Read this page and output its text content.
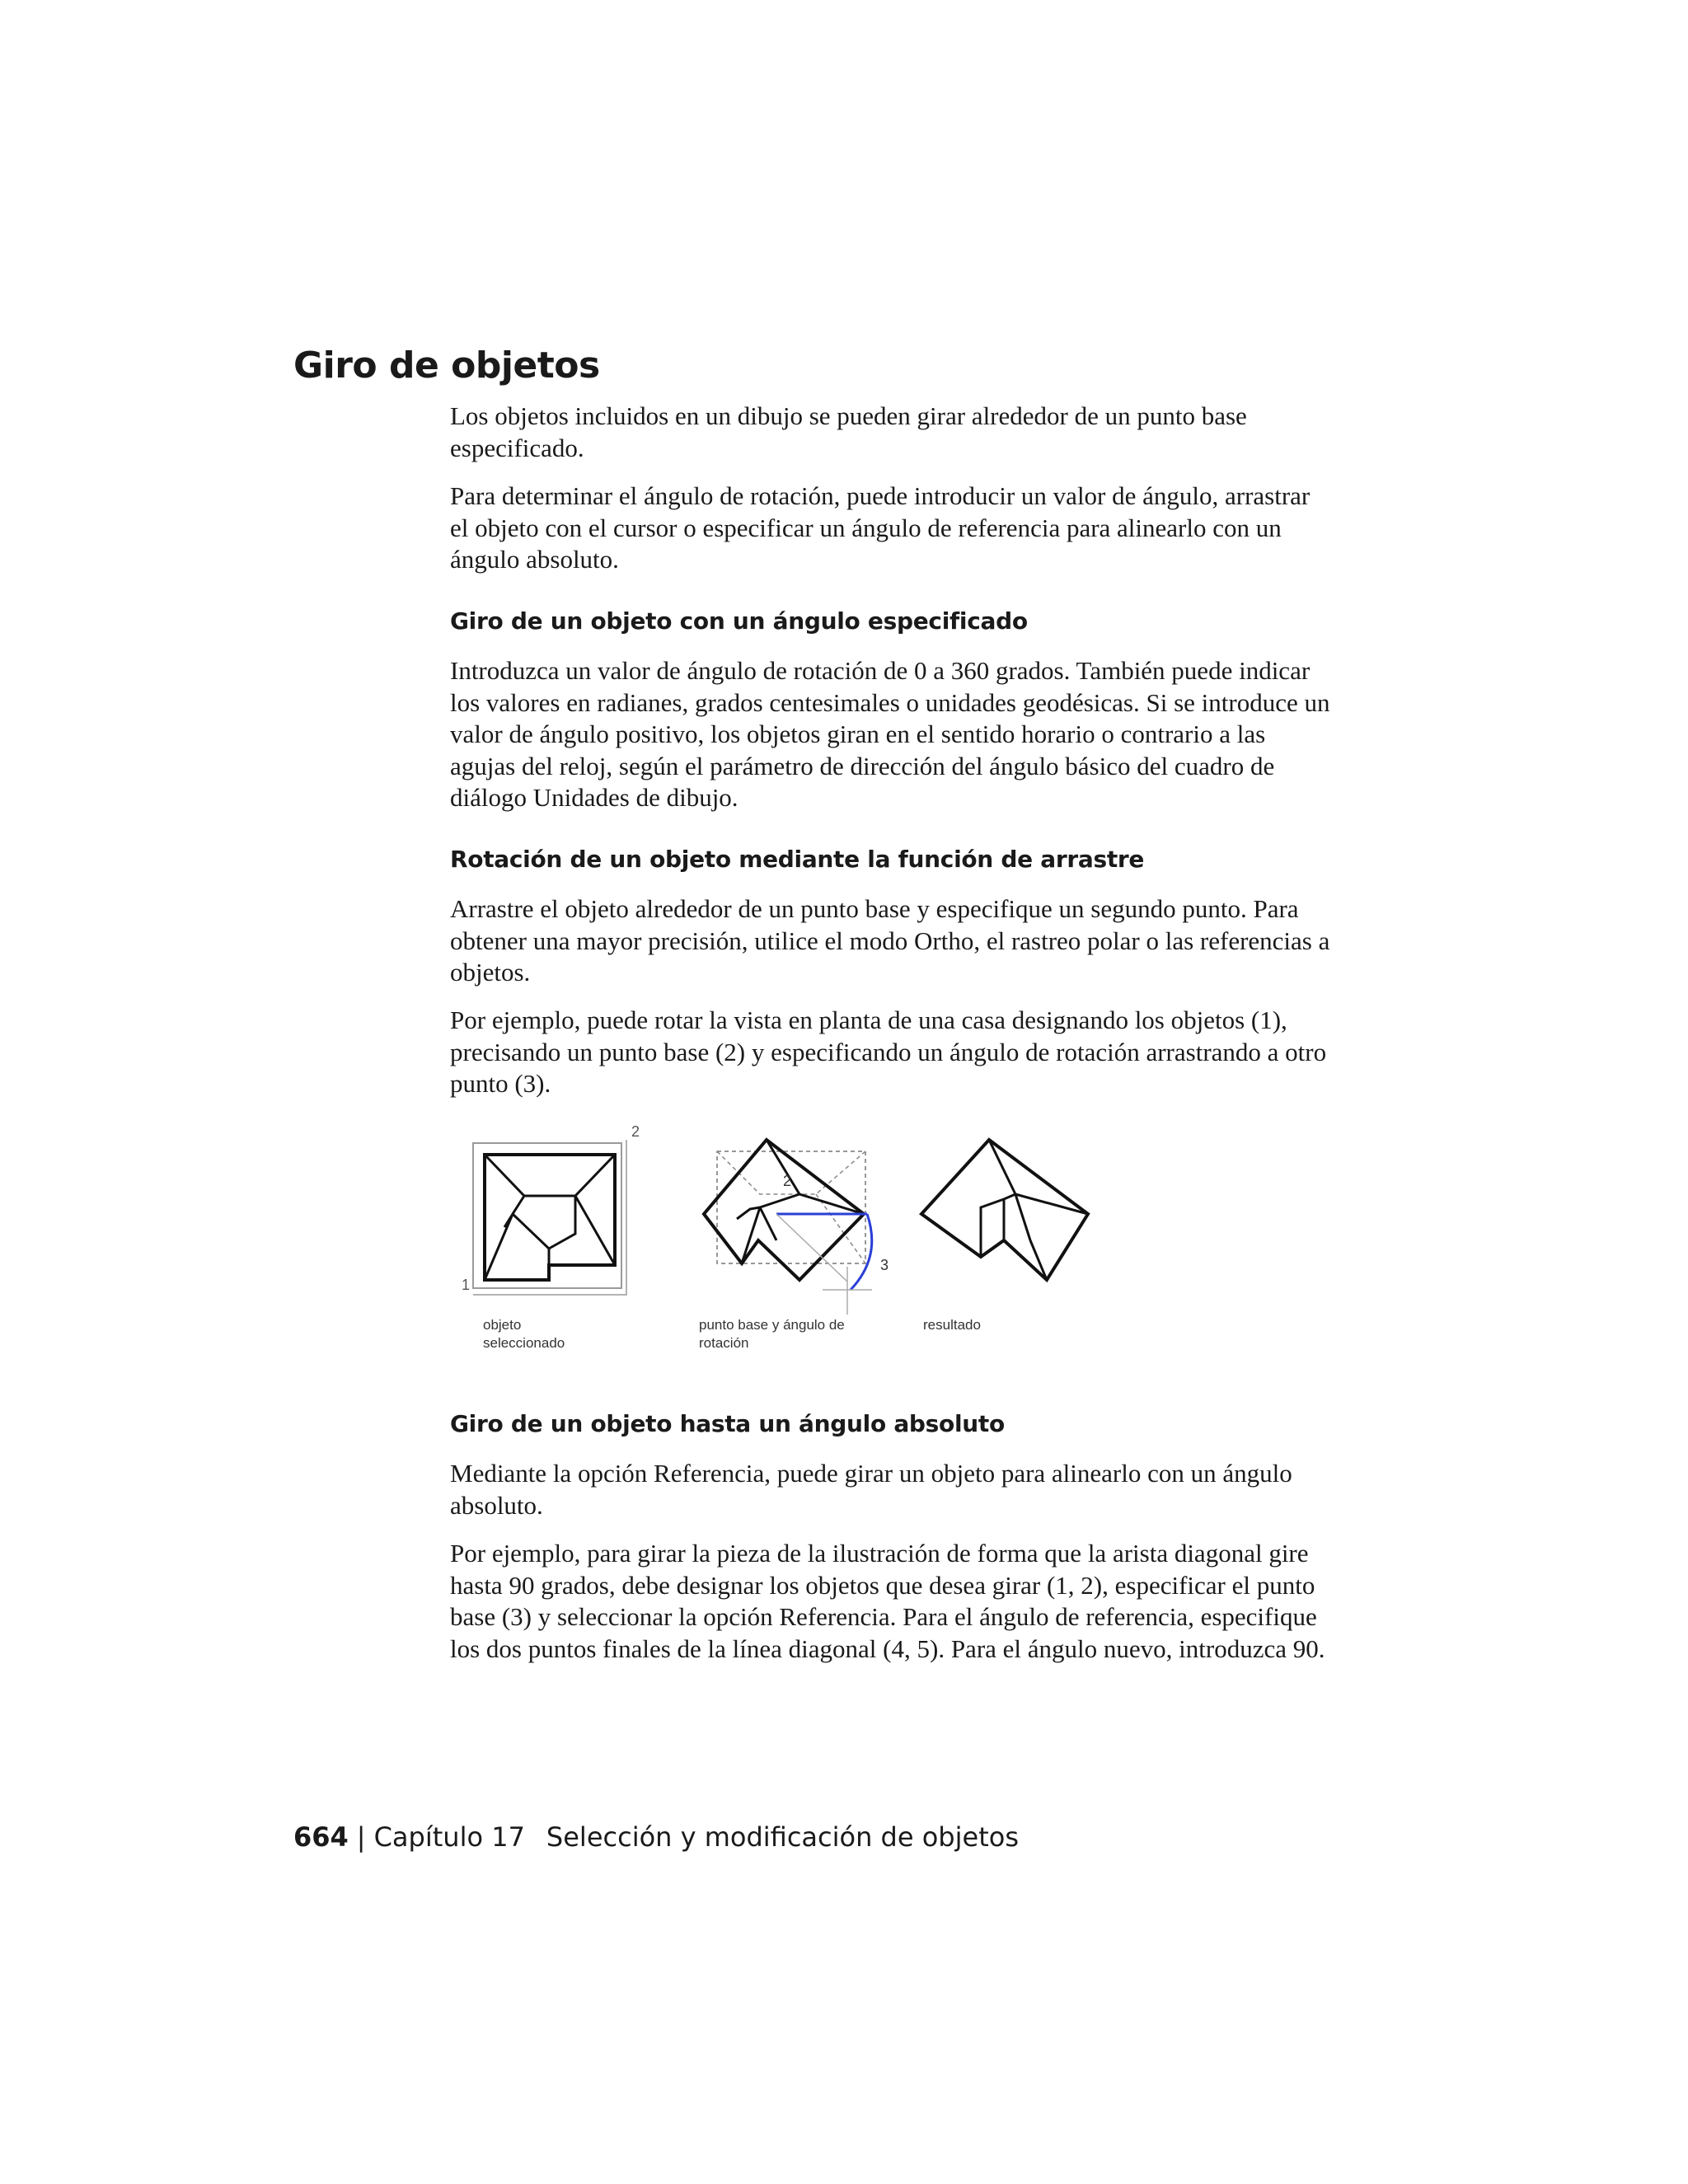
Giro de objetos

Los objetos incluidos en un dibujo se pueden girar alrededor de un punto base especificado.

Para determinar el ángulo de rotación, puede introducir un valor de ángulo, arrastrar el objeto con el cursor o especificar un ángulo de referencia para alinearlo con un ángulo absoluto.

Giro de un objeto con un ángulo especificado

Introduzca un valor de ángulo de rotación de 0 a 360 grados. También puede indicar los valores en radianes, grados centesimales o unidades geodésicas. Si se introduce un valor de ángulo positivo, los objetos giran en el sentido horario o contrario a las agujas del reloj, según el parámetro de dirección del ángulo básico del cuadro de diálogo Unidades de dibujo.

Rotación de un objeto mediante la función de arrastre

Arrastre el objeto alrededor de un punto base y especifique un segundo punto. Para obtener una mayor precisión, utilice el modo Ortho, el rastreo polar o las referencias a objetos.

Por ejemplo, puede rotar la vista en planta de una casa designando los objetos (1), precisando un punto base (2) y especificando un ángulo de rotación arrastrando a otro punto (3).

2
1
objeto
seleccionado
2
3
punto base y ángulo de
rotación
resultado
Giro de un objeto hasta un ángulo absoluto

Mediante la opción Referencia, puede girar un objeto para alinearlo con un ángulo absoluto.

Por ejemplo, para girar la pieza de la ilustración de forma que la arista diagonal gire hasta 90 grados, debe designar los objetos que desea girar (1, 2), especificar el punto base (3) y seleccionar la opción Referencia. Para el ángulo de referencia, especifique los dos puntos finales de la línea diagonal (4, 5). Para el ángulo nuevo, introduzca 90.

664 | Capítulo 17 Selección y modificación de objetos
